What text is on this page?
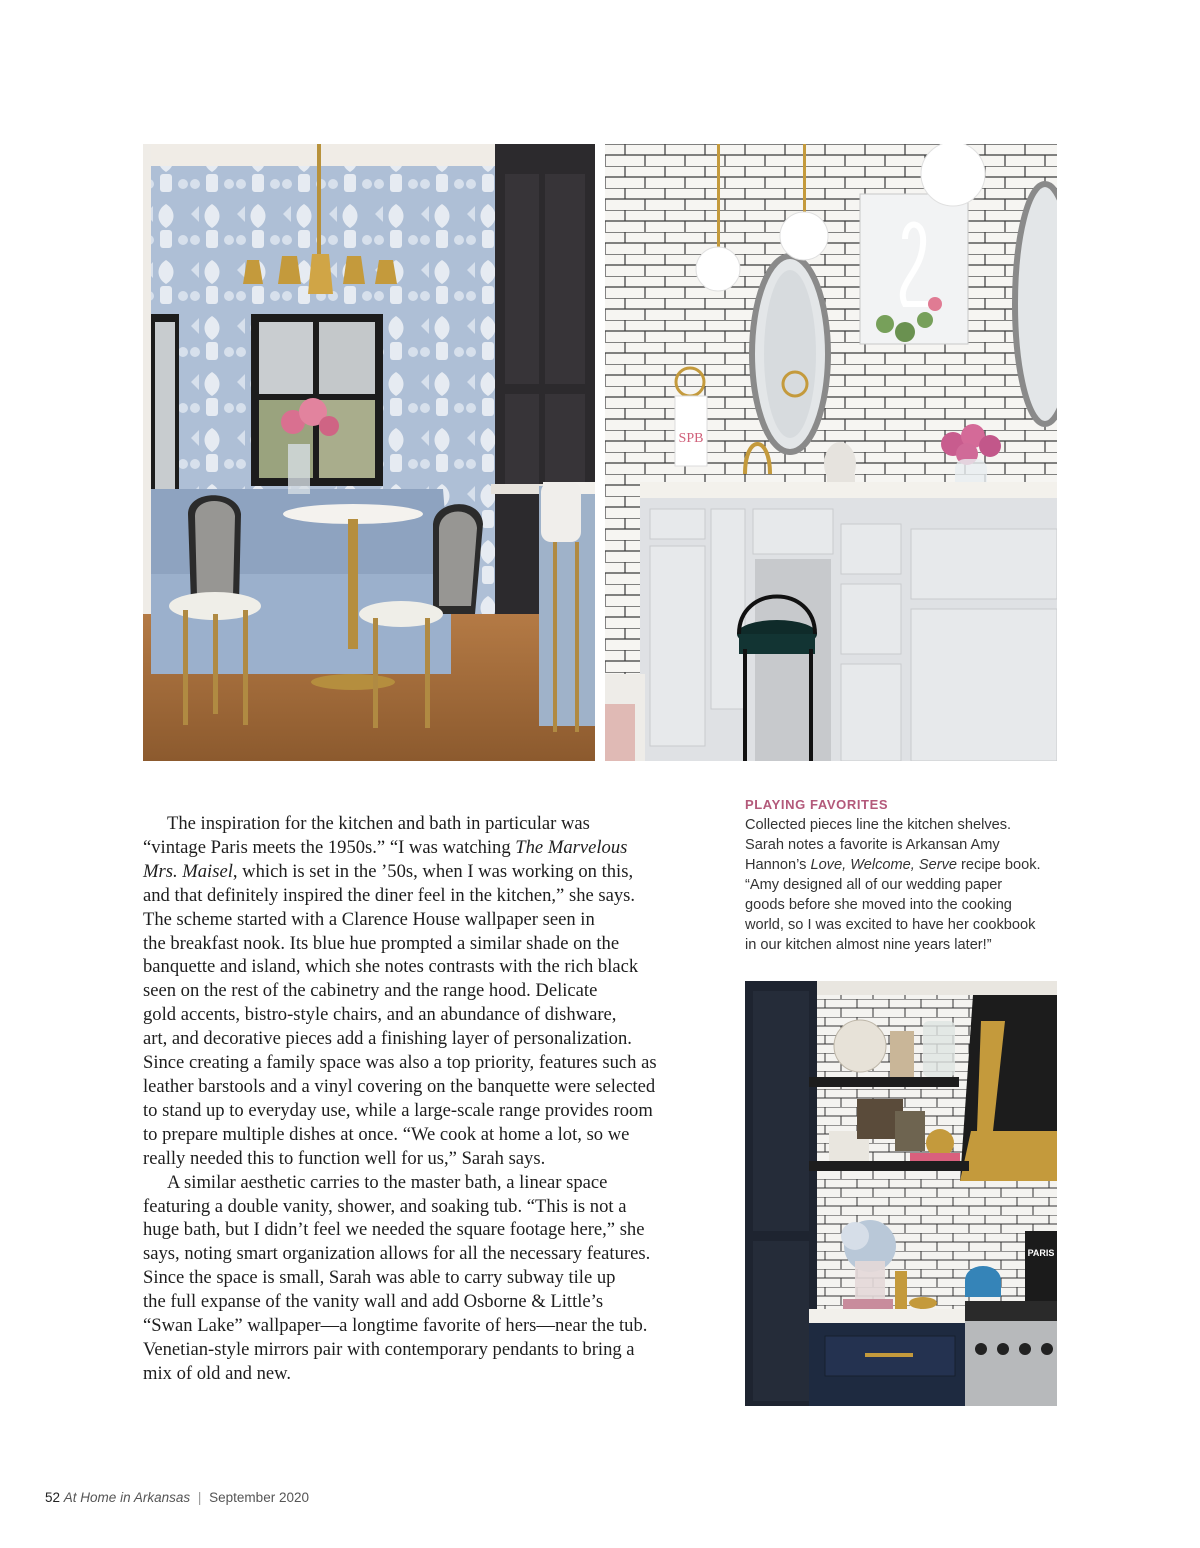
SPB
PARIS

The inspiration for the kitchen and bath in particular was
“vintage Paris meets the 1950s.” “I was watching The Marvelous
Mrs. Maisel, which is set in the ’50s, when I was working on this,
and that definitely inspired the diner feel in the kitchen,” she says.
The scheme started with a Clarence House wallpaper seen in
the breakfast nook. Its blue hue prompted a similar shade on the
banquette and island, which she notes contrasts with the rich black
seen on the rest of the cabinetry and the range hood. Delicate
gold accents, bistro-style chairs, and an abundance of dishware,
art, and decorative pieces add a finishing layer of personalization.
Since creating a family space was also a top priority, features such as
leather barstools and a vinyl covering on the banquette were selected
to stand up to everyday use, while a large-scale range provides room
to prepare multiple dishes at once. “We cook at home a lot, so we
really needed this to function well for us,” Sarah says.

A similar aesthetic carries to the master bath, a linear space
featuring a double vanity, shower, and soaking tub. “This is not a
huge bath, but I didn’t feel we needed the square footage here,” she
says, noting smart organization allows for all the necessary features.
Since the space is small, Sarah was able to carry subway tile up
the full expanse of the vanity wall and add Osborne & Little’s
“Swan Lake” wallpaper—a longtime favorite of hers—near the tub.
Venetian-style mirrors pair with contemporary pendants to bring a
mix of old and new.

PLAYING FAVORITES
Collected pieces line the kitchen shelves.
Sarah notes a favorite is Arkansan Amy
Hannon’s Love, Welcome, Serve recipe book.
“Amy designed all of our wedding paper
goods before she moved into the cooking
world, so I was excited to have her cookbook
in our kitchen almost nine years later!”
52 At Home in Arkansas | September 2020
